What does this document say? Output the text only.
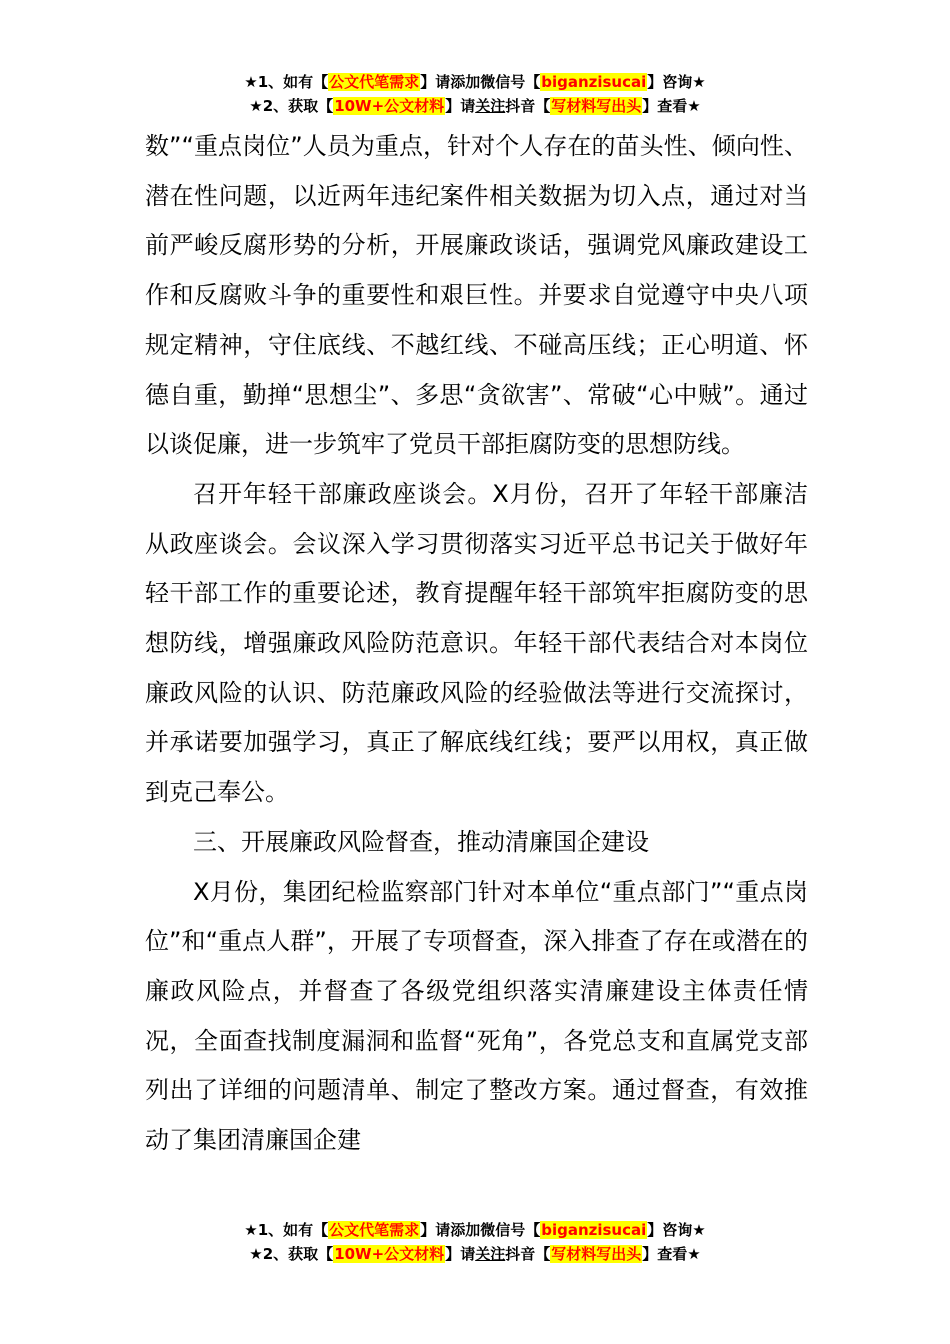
★1、如有【公文代笔需求】请添加微信号【biganzisucai】咨询★
★2、获取【10W+公文材料】请关注抖音【写材料写出头】查看★

数”“重点岗位”人员为重点，针对个人存在的苗头性、倾向性、潜在性问题，以近两年违纪案件相关数据为切入点，通过对当前严峻反腐形势的分析，开展廉政谈话，强调党风廉政建设工作和反腐败斗争的重要性和艰巨性。并要求自觉遵守中央八项规定精神，守住底线、不越红线、不碰高压线；正心明道、怀德自重，勤掸“思想尘”、多思“贪欲害”、常破“心中贼”。通过以谈促廉，进一步筑牢了党员干部拒腐防变的思想防线。

召开年轻干部廉政座谈会。X月份，召开了年轻干部廉洁从政座谈会。会议深入学习贯彻落实习近平总书记关于做好年轻干部工作的重要论述，教育提醒年轻干部筑牢拒腐防变的思想防线，增强廉政风险防范意识。年轻干部代表结合对本岗位廉政风险的认识、防范廉政风险的经验做法等进行交流探讨，并承诺要加强学习，真正了解底线红线；要严以用权，真正做到克己奉公。

三、开展廉政风险督查，推动清廉国企建设

X月份，集团纪检监察部门针对本单位“重点部门”“重点岗位”和“重点人群”，开展了专项督查，深入排查了存在或潜在的廉政风险点，并督查了各级党组织落实清廉建设主体责任情况，全面查找制度漏洞和监督“死角”，各党总支和直属党支部列出了详细的问题清单、制定了整改方案。通过督查，有效推动了集团清廉国企建

★1、如有【公文代笔需求】请添加微信号【biganzisucai】咨询★
★2、获取【10W+公文材料】请关注抖音【写材料写出头】查看★
